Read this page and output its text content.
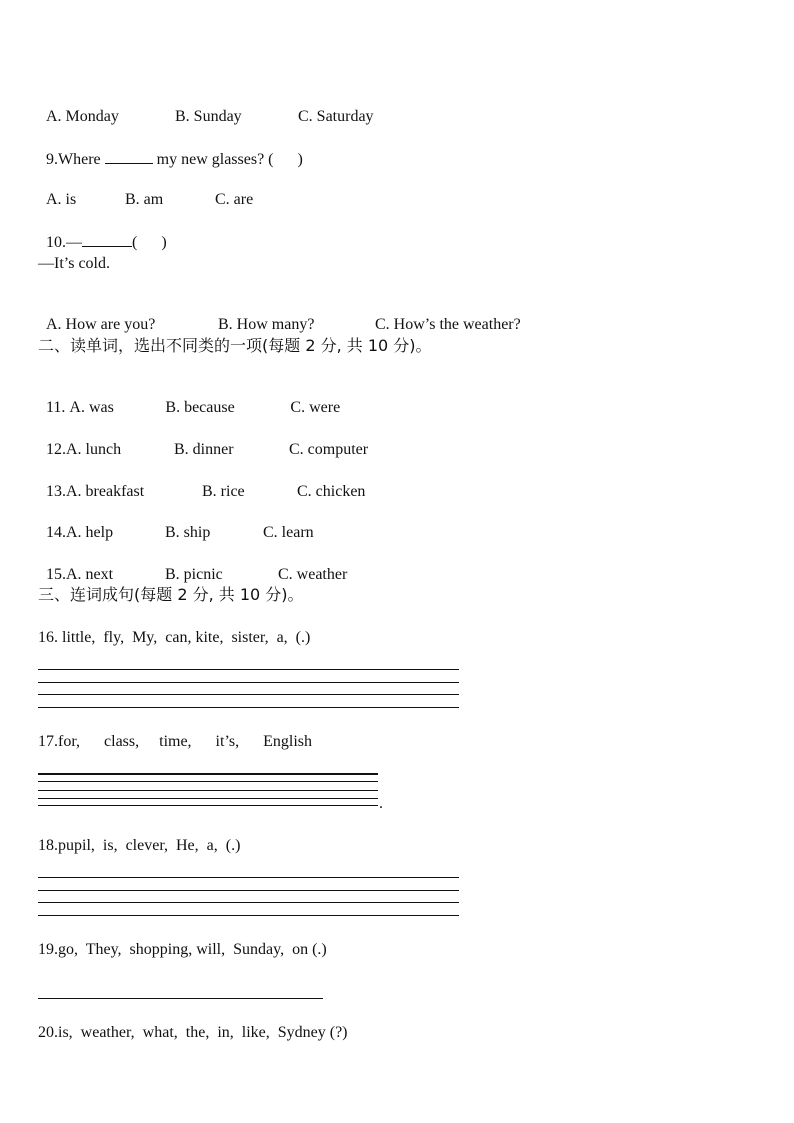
A. Monday	B. Sunday	C. Saturday

9.Where	my new glasses? (      )

A. is	B. am	C. are

10.—	(      )

—It’s cold.

A. How are you?	B. How many?	C. How’s the weather?

二、读单词，选出不同类的一项(每题 2 分, 共 10 分)。

11. A. was	B. because	C. were

12.A. lunch	B. dinner	C. computer

13.A. breakfast	B. rice	C. chicken

14.A. help	B. ship	C. learn

15.A. next	B. picnic	C. weather

三、连词成句(每题 2 分, 共 10 分)。
16. little,  fly,  My,  can, kite,  sister,  a,  (.)
17.for,      class,     time,      it’s,      English
.
18.pupil,  is,  clever,  He,  a,  (.)
19.go,  They,  shopping, will,  Sunday,  on (.)
20.is,  weather,  what,  the,  in,  like,  Sydney (?)
